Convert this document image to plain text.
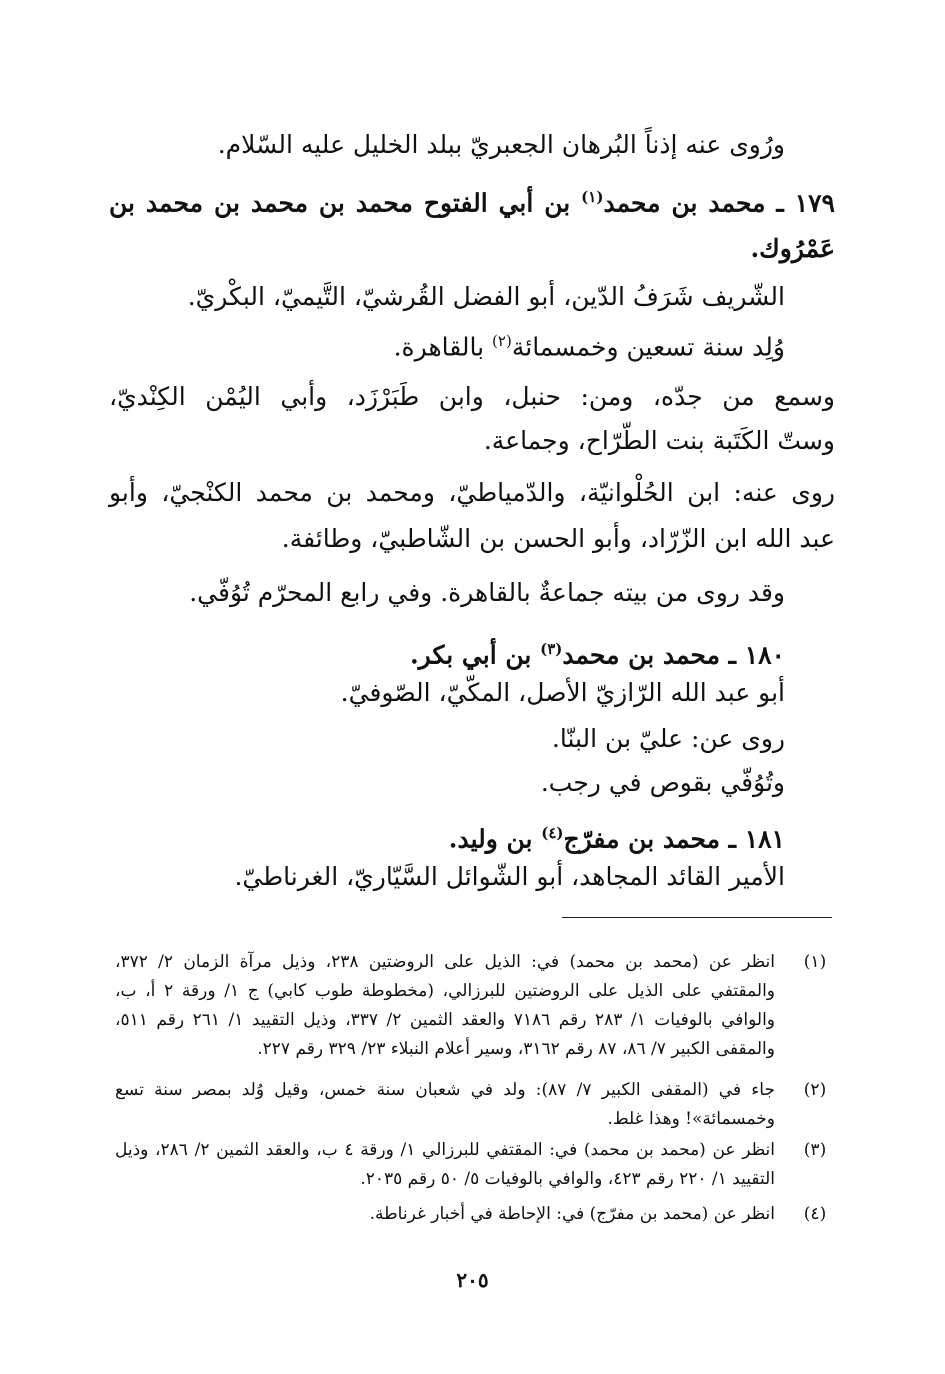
ورُوى عنه إذناً البُرهان الجعبريّ ببلد الخليل عليه السّلام.
١٧٩ ـ محمد بن محمد$^{(١)}$ بن أبي الفتوح محمد بن محمد بن محمد بن
عَمْرُوك.
الشّريف شَرَفُ الدّين، أبو الفضل القُرشيّ، التَّيميّ، البكْريّ.
وُلِد سنة تسعين وخمسمائة$^{(٢)}$ بالقاهرة.
وسمع من جدّه، ومن: حنبل، وابن طَبَرْزَد، وأبي اليُمْن الكِنْديّ،
وستّ الكَتَبة بنت الطّرّاح، وجماعة.
روى عنه: ابن الحُلْوانيّة، والدّمياطيّ، ومحمد بن محمد الكنْجيّ، وأبو
عبد الله ابن الزّرّاد، وأبو الحسن بن الشّاطبيّ، وطائفة.
وقد روى من بيته جماعةٌ بالقاهرة. وفي رابع المحرّم تُوُفّي.
١٨٠ ـ محمد بن محمد$^{(٣)}$ بن أبي بكر.
أبو عبد الله الرّازيّ الأصل، المكّيّ، الصّوفيّ.
روى عن: عليّ بن البنّا.
وتُوُفّي بقوص في رجب.
١٨١ ـ محمد بن مفرّج$^{(٤)}$ بن وليد.
الأمير القائد المجاهد، أبو الشّوائل السَّيّاريّ، الغرناطيّ.
(١)
انظر عن (محمد بن محمد) في: الذيل على الروضتين ٢٣٨، وذيل مرآة الزمان ٢/ ٣٧٢، والمقتفي على الذيل على الروضتين للبرزالي، (مخطوطة طوب كابي) ج ١/ ورقة ٢ أ، ب، والوافي بالوفيات ١/ ٢٨٣ رقم ٧١٨٦ والعقد الثمين ٢/ ٣٣٧، وذيل التقييد ١/ ٢٦١ رقم ٥١١، والمقفى الكبير ٧/ ٨٦، ٨٧ رقم ٣١٦٢، وسير أعلام النبلاء ٢٣/ ٣٢٩ رقم ٢٢٧.
(٢)
جاء في (المقفى الكبير ٧/ ٨٧): ولد في شعبان سنة خمس، وقيل وُلد بمصر سنة تسع وخمسمائة»! وهذا غلط.
(٣)
انظر عن (محمد بن محمد) في: المقتفي للبرزالي ١/ ورقة ٤ ب، والعقد الثمين ٢/ ٢٨٦، وذيل التقييد ١/ ٢٢٠ رقم ٤٢٣، والوافي بالوفيات ٥/ ٥٠ رقم ٢٠٣٥.
(٤)
انظر عن (محمد بن مفرّج) في: الإحاطة في أخبار غرناطة.
٢٠٥
